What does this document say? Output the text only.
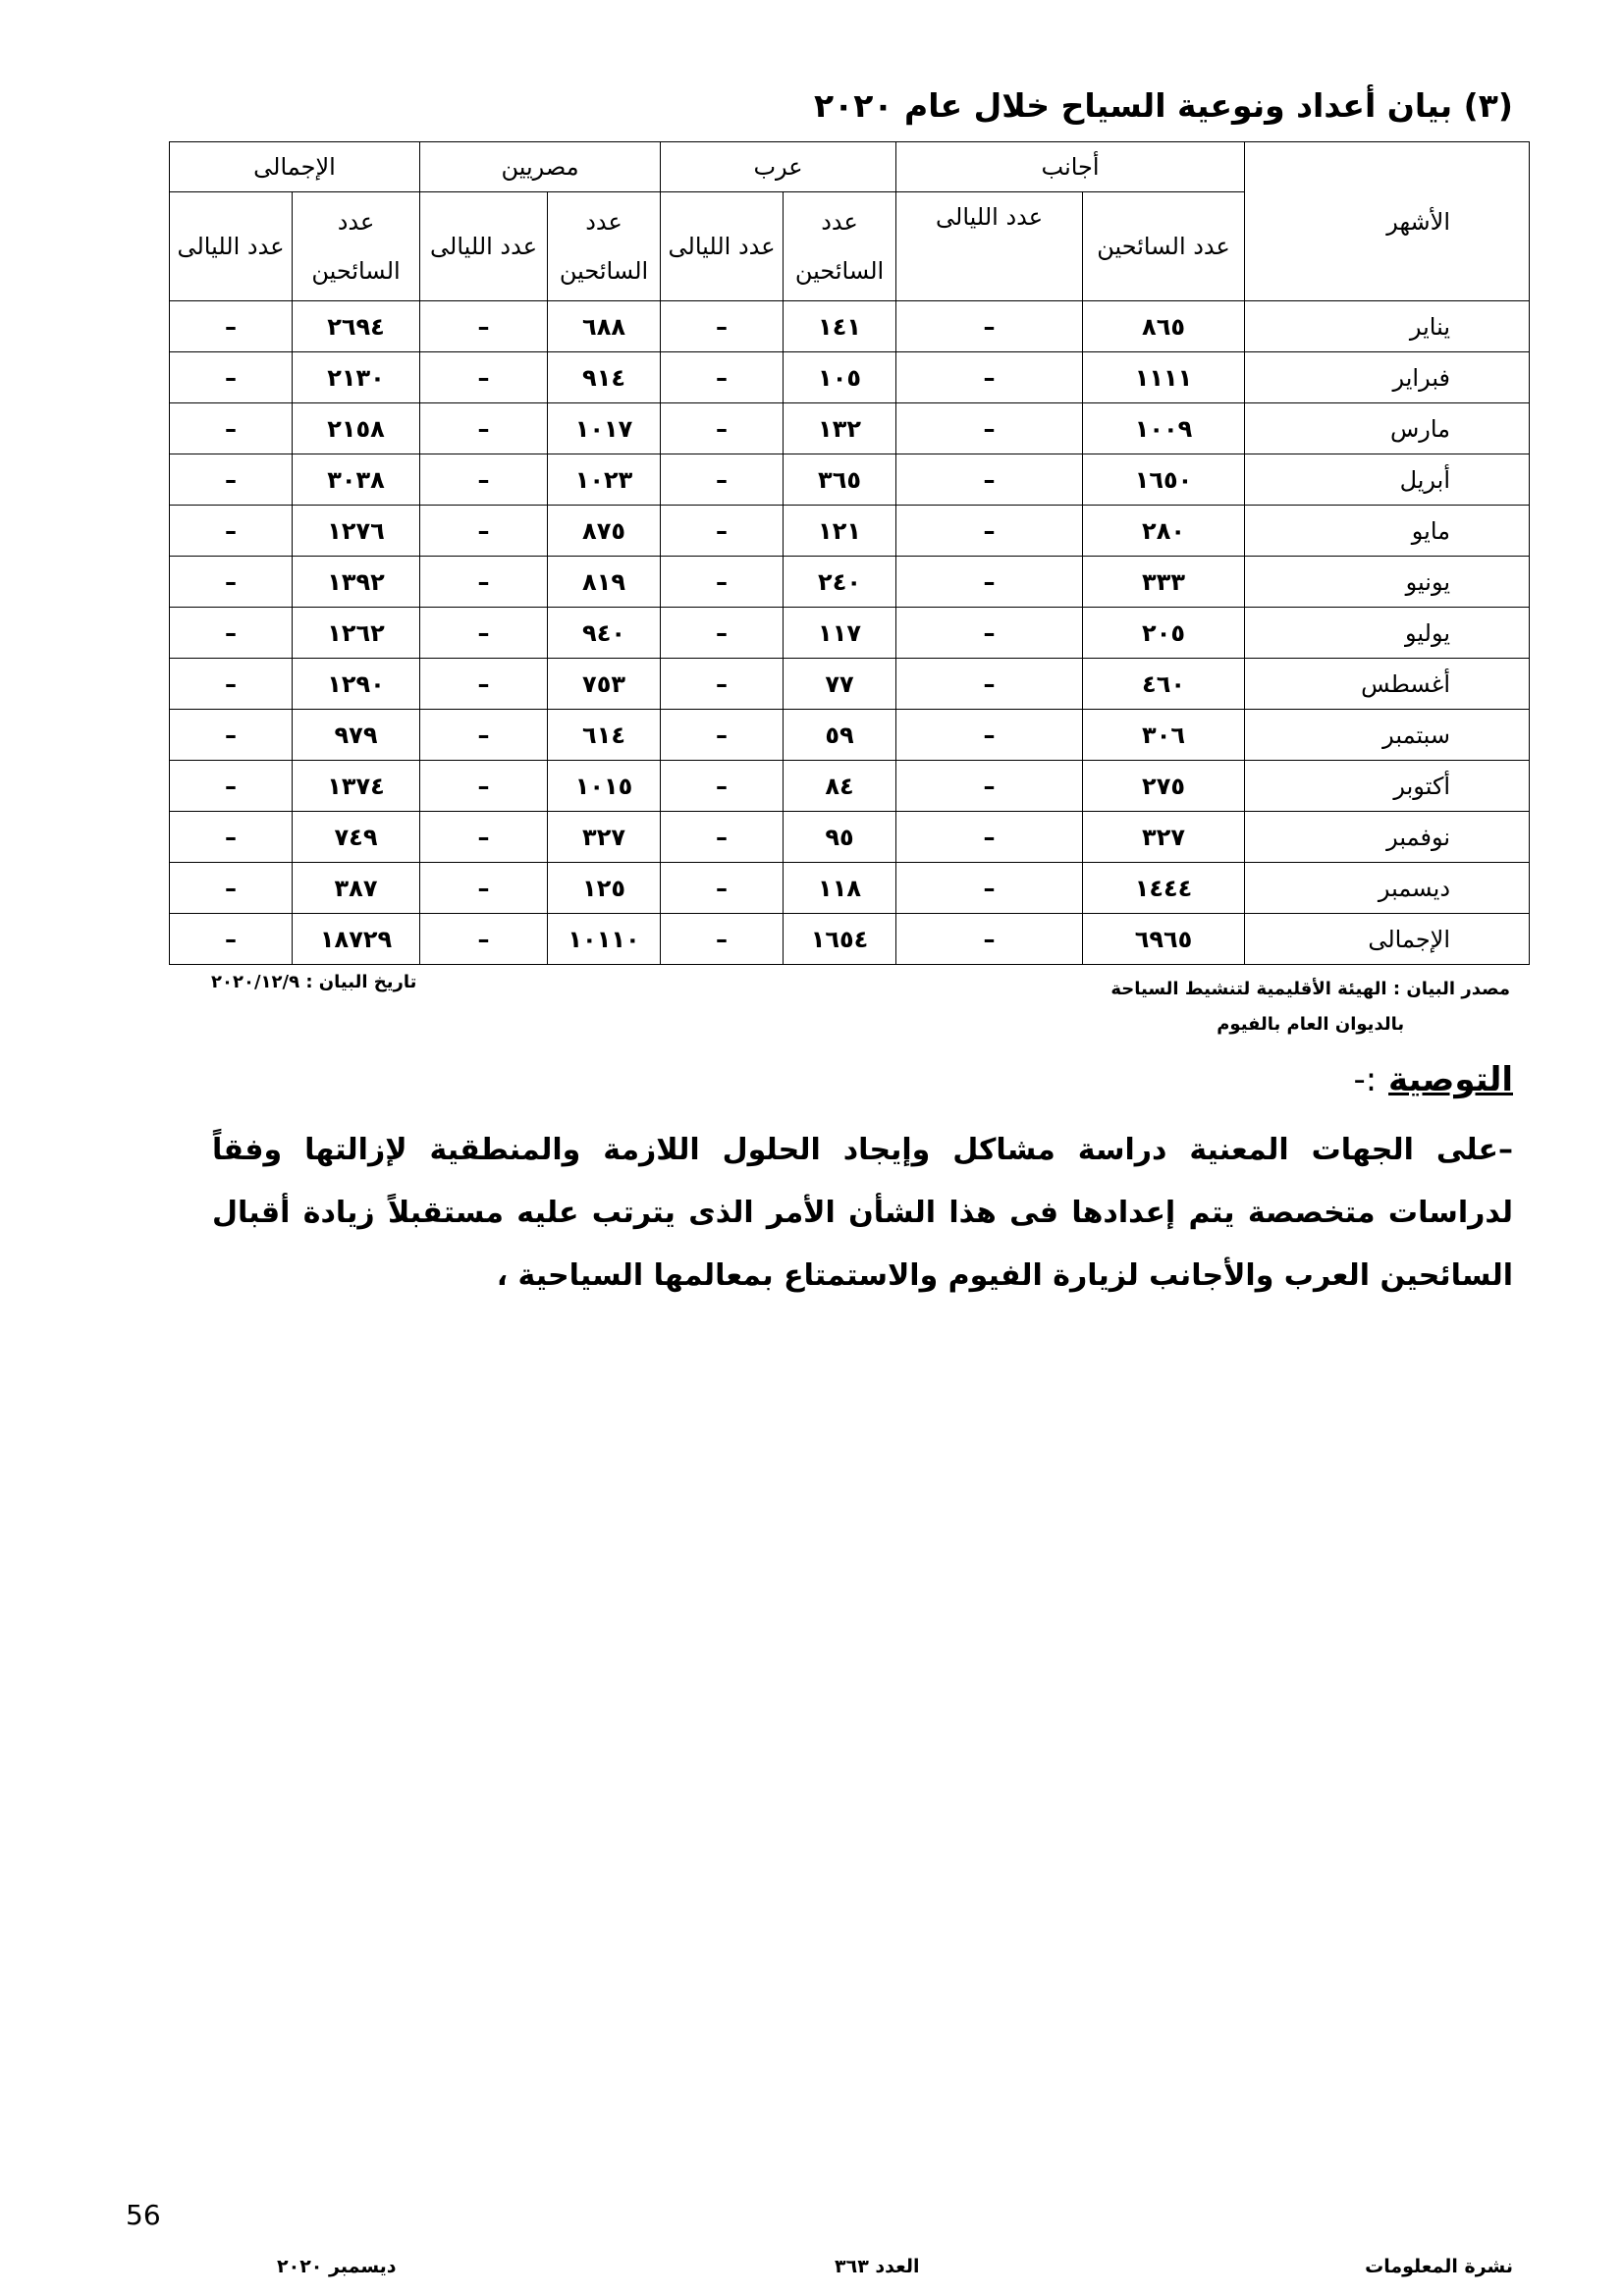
(٣) بيان أعداد ونوعية السياح خلال عام ٢٠٢٠
الأشهر	أجانب		عرب		مصريين		الإجمالى	
	عدد السائحين	عدد الليالى	عدد السائحين	عدد الليالى	عدد السائحين	عدد الليالى	عدد السائحين	عدد الليالى
يناير	٨٦٥	–	١٤١	–	٦٨٨	–	٢٦٩٤	–
فبراير	١١١١	–	١٠٥	–	٩١٤	–	٢١٣٠	–
مارس	١٠٠٩	–	١٣٢	–	١٠١٧	–	٢١٥٨	–
أبريل	١٦٥٠	–	٣٦٥	–	١٠٢٣	–	٣٠٣٨	–
مايو	٢٨٠	–	١٢١	–	٨٧٥	–	١٢٧٦	–
يونيو	٣٣٣	–	٢٤٠	–	٨١٩	–	١٣٩٢	–
يوليو	٢٠٥	–	١١٧	–	٩٤٠	–	١٢٦٢	–
أغسطس	٤٦٠	–	٧٧	–	٧٥٣	–	١٢٩٠	–
سبتمبر	٣٠٦	–	٥٩	–	٦١٤	–	٩٧٩	–
أكتوبر	٢٧٥	–	٨٤	–	١٠١٥	–	١٣٧٤	–
نوفمبر	٣٢٧	–	٩٥	–	٣٢٧	–	٧٤٩	–
ديسمبر	١٤٤٤	–	١١٨	–	١٢٥	–	٣٨٧	–
الإجمالى	٦٩٦٥	–	١٦٥٤	–	١٠١١٠	–	١٨٧٢٩	–
مصدر البيان : الهيئة الأقليمية لتنشيط السياحة
بالديوان العام بالفيوم
تاريخ البيان : ٢٠٢٠/١٢/٩
التوصية :-
–على الجهات المعنية دراسة مشاكل وإيجاد الحلول اللازمة والمنطقية لإزالتها وفقاً لدراسات متخصصة يتم إعدادها فى هذا الشأن الأمر الذى يترتب عليه مستقبلاً زيادة أقبال السائحين العرب والأجانب لزيارة الفيوم والاستمتاع بمعالمها السياحية ،
56
نشرة المعلومات
العدد ٣٦٣
ديسمبر ٢٠٢٠
